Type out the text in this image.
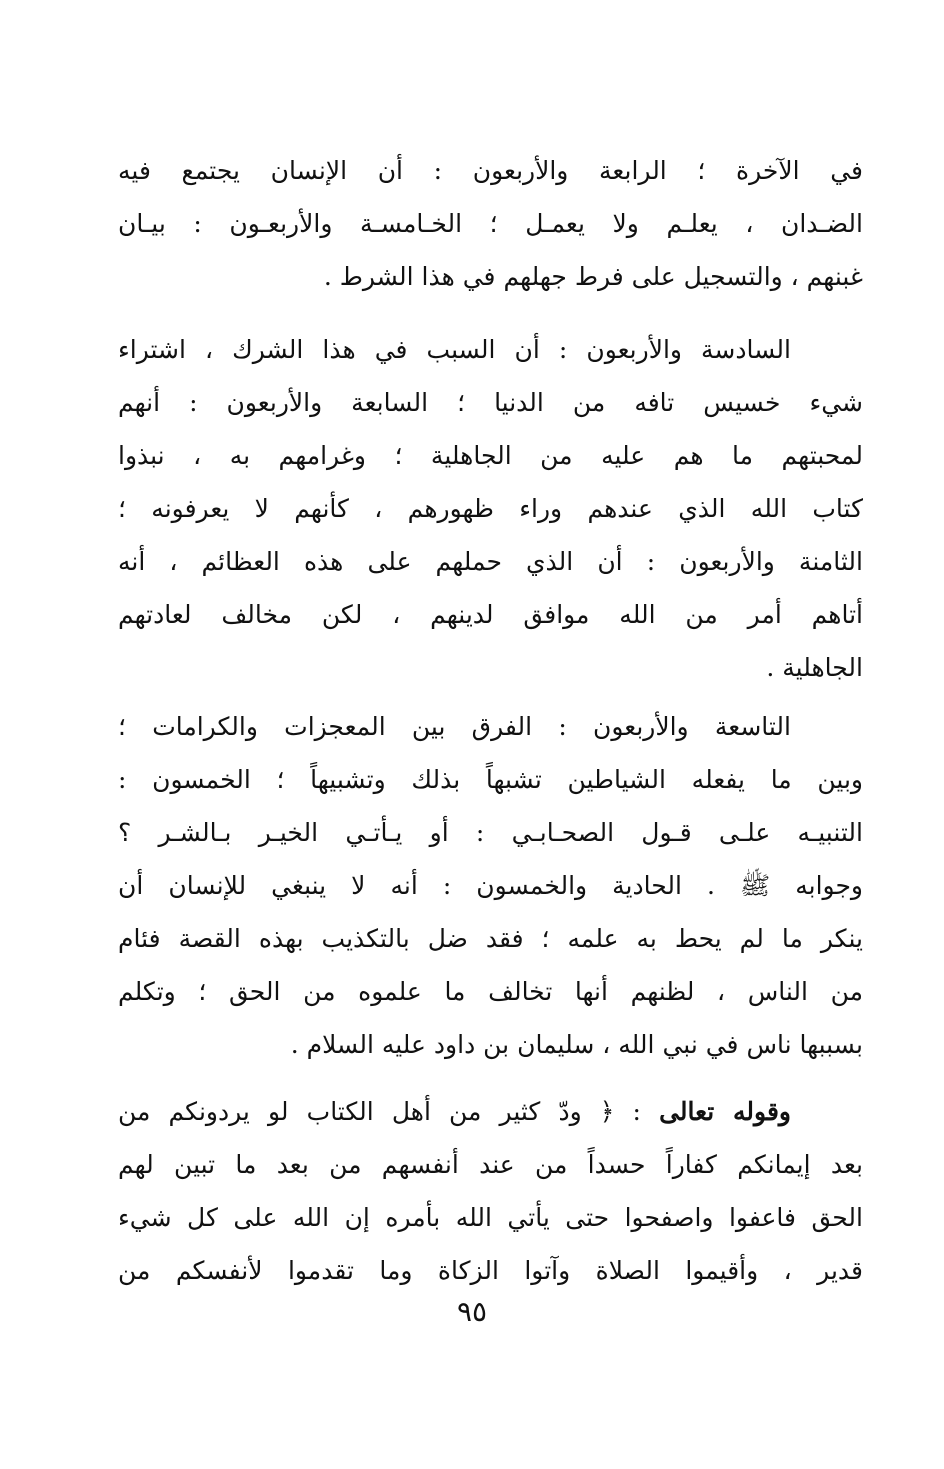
في الآخرة ؛ الرابعة والأربعون : أن الإنسان يجتمع فيه
الضـدان ، يعلـم ولا يعمـل ؛ الخـامسـة والأربعـون : بيـان
غبنهم ، والتسجيل على فرط جهلهم في هذا الشرط .
السادسة والأربعون : أن السبب في هذا الشرك ، اشتراء
شيء خسيس تافه من الدنيا ؛ السابعة والأربعون : أنهم
لمحبتهم ما هم عليه من الجاهلية ؛ وغرامهم به ، نبذوا
كتاب الله الذي عندهم وراء ظهورهم ، كأنهم لا يعرفونه ؛
الثامنة والأربعون : أن الذي حملهم على هذه العظائم ، أنه
أتاهم أمر من الله موافق لدينهم ، لكن مخالف لعادتهم
الجاهلية .
التاسعة والأربعون : الفرق بين المعجزات والكرامات ؛
وبين ما يفعله الشياطين تشبهاً بذلك وتشبيهاً ؛ الخمسون :
التنبيـه علـى قـول الصحـابـي : أو يـأتـي الخيـر بـالشـر ؟
وجوابه ﷺ . الحادية والخمسون : أنه لا ينبغي للإنسان أن
ينكر ما لم يحط به علمه ؛ فقد ضل بالتكذيب بهذه القصة فئام
من الناس ، لظنهم أنها تخالف ما علموه من الحق ؛ وتكلم
بسببها ناس في نبي الله ، سليمان بن داود عليه السلام .
وقوله تعالى : ﴿ ودّ كثير من أهل الكتاب لو يردونكم من
بعد إيمانكم كفاراً حسداً من عند أنفسهم من بعد ما تبين لهم
الحق فاعفوا واصفحوا حتى يأتي الله بأمره إن الله على كل شيء
قدير ، وأقيموا الصلاة وآتوا الزكاة وما تقدموا لأنفسكم من
٩٥
